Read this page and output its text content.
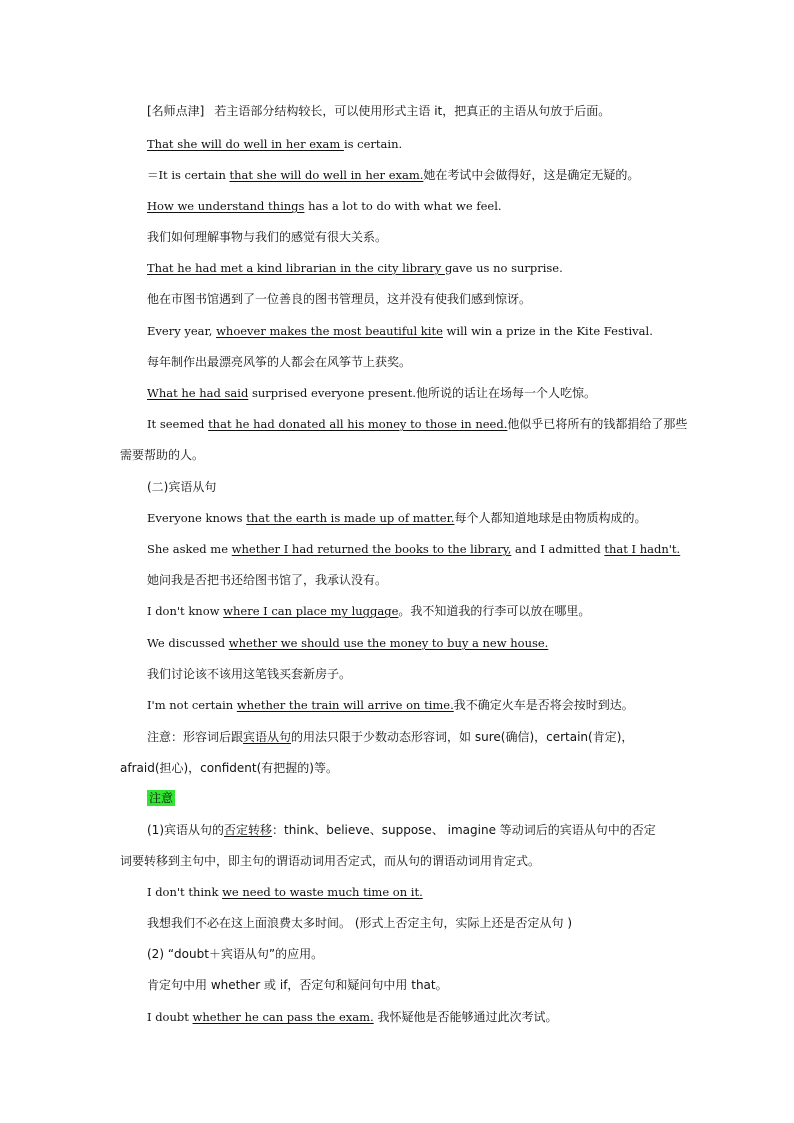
[名师点津] 若主语部分结构较长，可以使用形式主语 it，把真正的主语从句放于后面。
That she will do well in her exam is certain.
＝It is certain that she will do well in her exam.她在考试中会做得好，这是确定无疑的。
How we understand things has a lot to do with what we feel.
我们如何理解事物与我们的感觉有很大关系。
That he had met a kind librarian in the city library gave us no surprise.
他在市图书馆遇到了一位善良的图书管理员，这并没有使我们感到惊讶。
Every year, whoever makes the most beautiful kite will win a prize in the Kite Festival.
每年制作出最漂亮风筝的人都会在风筝节上获奖。
What he had said surprised everyone present.他所说的话让在场每一个人吃惊。
It seemed that he had donated all his money to those in need.他似乎已将所有的钱都捐给了那些
需要帮助的人。
(二)宾语从句
Everyone knows that the earth is made up of matter.每个人都知道地球是由物质构成的。
She asked me whether I had returned the books to the library, and I admitted that I hadn't.
她问我是否把书还给图书馆了，我承认没有。
I don't know where I can place my luggage。我不知道我的行李可以放在哪里。
We discussed whether we should use the money to buy a new house.
我们讨论该不该用这笔钱买套新房子。
I'm not certain whether the train will arrive on time.我不确定火车是否将会按时到达。
注意：形容词后跟宾语从句的用法只限于少数动态形容词，如 sure(确信)，certain(肯定)，
afraid(担心)，confident(有把握的)等。
注意
(1)宾语从句的否定转移：think、believe、suppose、 imagine 等动词后的宾语从句中的否定
词要转移到主句中，即主句的谓语动词用否定式，而从句的谓语动词用肯定式。
I don't think we need to waste much time on it.
我想我们不必在这上面浪费太多时间。 (形式上否定主句，实际上还是否定从句 )
(2) “doubt＋宾语从句”的应用。
肯定句中用 whether 或 if，否定句和疑问句中用 that。
I doubt whether he can pass the exam. 我怀疑他是否能够通过此次考试。
